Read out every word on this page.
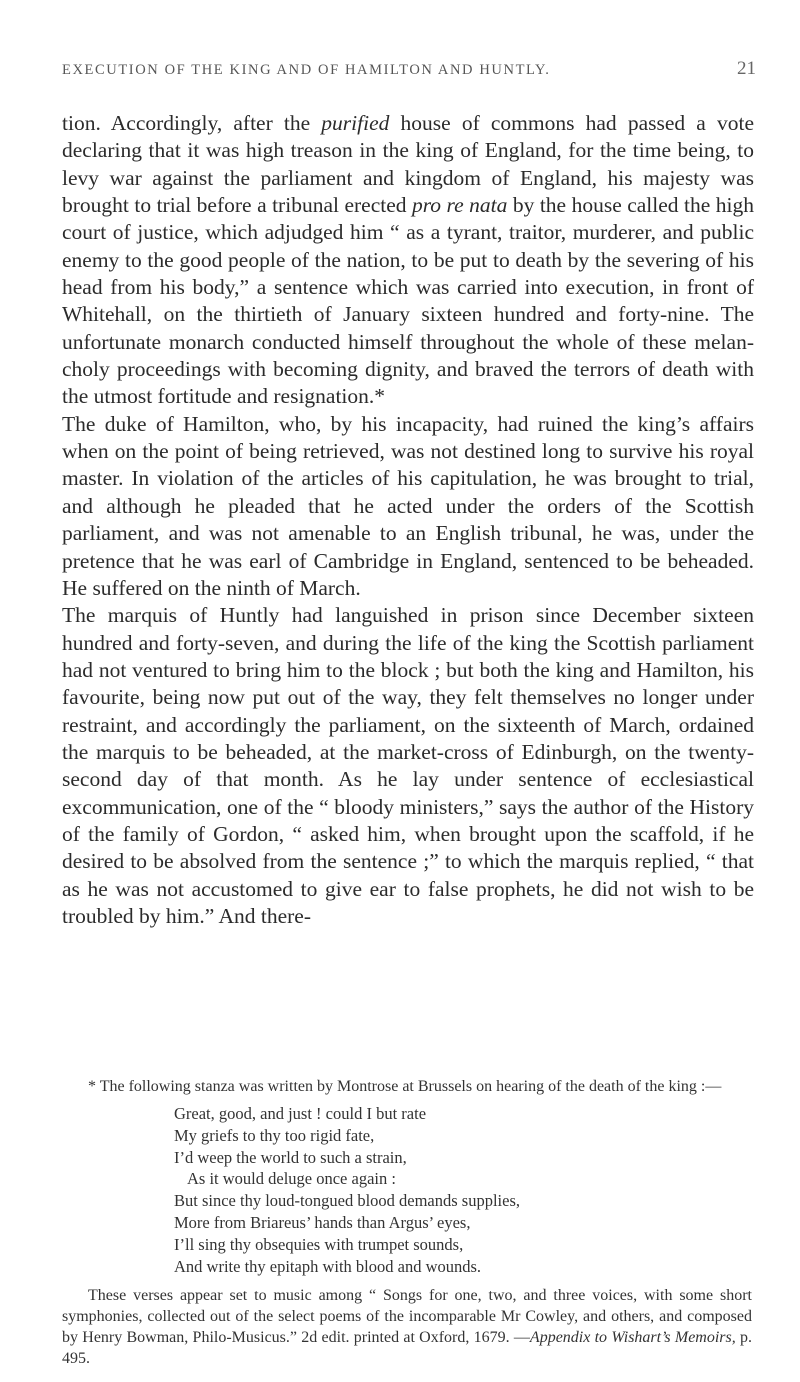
EXECUTION OF THE KING AND OF HAMILTON AND HUNTLY.	21

tion. Accordingly, after the purified house of commons had passed a vote declaring that it was high treason in the king of England, for the time being, to levy war against the parliament and kingdom of England, his majesty was brought to trial before a tribunal erected pro re nata by the house called the high court of justice, which adjudged him “ as a tyrant, traitor, murderer, and public enemy to the good people of the nation, to be put to death by the severing of his head from his body,” a sentence which was carried into execution, in front of Whitehall, on the thirtieth of January sixteen hundred and forty-nine. The unfortunate monarch conducted himself throughout the whole of these melancholy proceedings with becoming dignity, and braved the terrors of death with the utmost fortitude and resignation.*

The duke of Hamilton, who, by his incapacity, had ruined the king’s affairs when on the point of being retrieved, was not destined long to survive his royal master. In violation of the articles of his capitulation, he was brought to trial, and although he pleaded that he acted under the orders of the Scottish parliament, and was not amenable to an English tribunal, he was, under the pretence that he was earl of Cambridge in England, sentenced to be beheaded. He suffered on the ninth of March.

The marquis of Huntly had languished in prison since December sixteen hundred and forty-seven, and during the life of the king the Scottish parliament had not ventured to bring him to the block ; but both the king and Hamilton, his favourite, being now put out of the way, they felt themselves no longer under restraint, and accordingly the parliament, on the sixteenth of March, ordained the marquis to be beheaded, at the market-cross of Edinburgh, on the twenty-second day of that month. As he lay under sentence of ecclesiastical excommunication, one of the “ bloody ministers,” says the author of the History of the family of Gordon, “ asked him, when brought upon the scaffold, if he desired to be absolved from the sentence ;” to which the marquis replied, “ that as he was not accustomed to give ear to false prophets, he did not wish to be troubled by him.” And there-

* The following stanza was written by Montrose at Brussels on hearing of the death of the king :—

Great, good, and just ! could I but rate
My griefs to thy too rigid fate,
I’d weep the world to such a strain,
As it would deluge once again :
But since thy loud-tongued blood demands supplies,
More from Briareus’ hands than Argus’ eyes,
I’ll sing thy obsequies with trumpet sounds,
And write thy epitaph with blood and wounds.

These verses appear set to music among “ Songs for one, two, and three voices, with some short symphonies, collected out of the select poems of the incomparable Mr Cowley, and others, and composed by Henry Bowman, Philo-Musicus.” 2d edit. printed at Oxford, 1679. —Appendix to Wishart’s Memoirs, p. 495.
